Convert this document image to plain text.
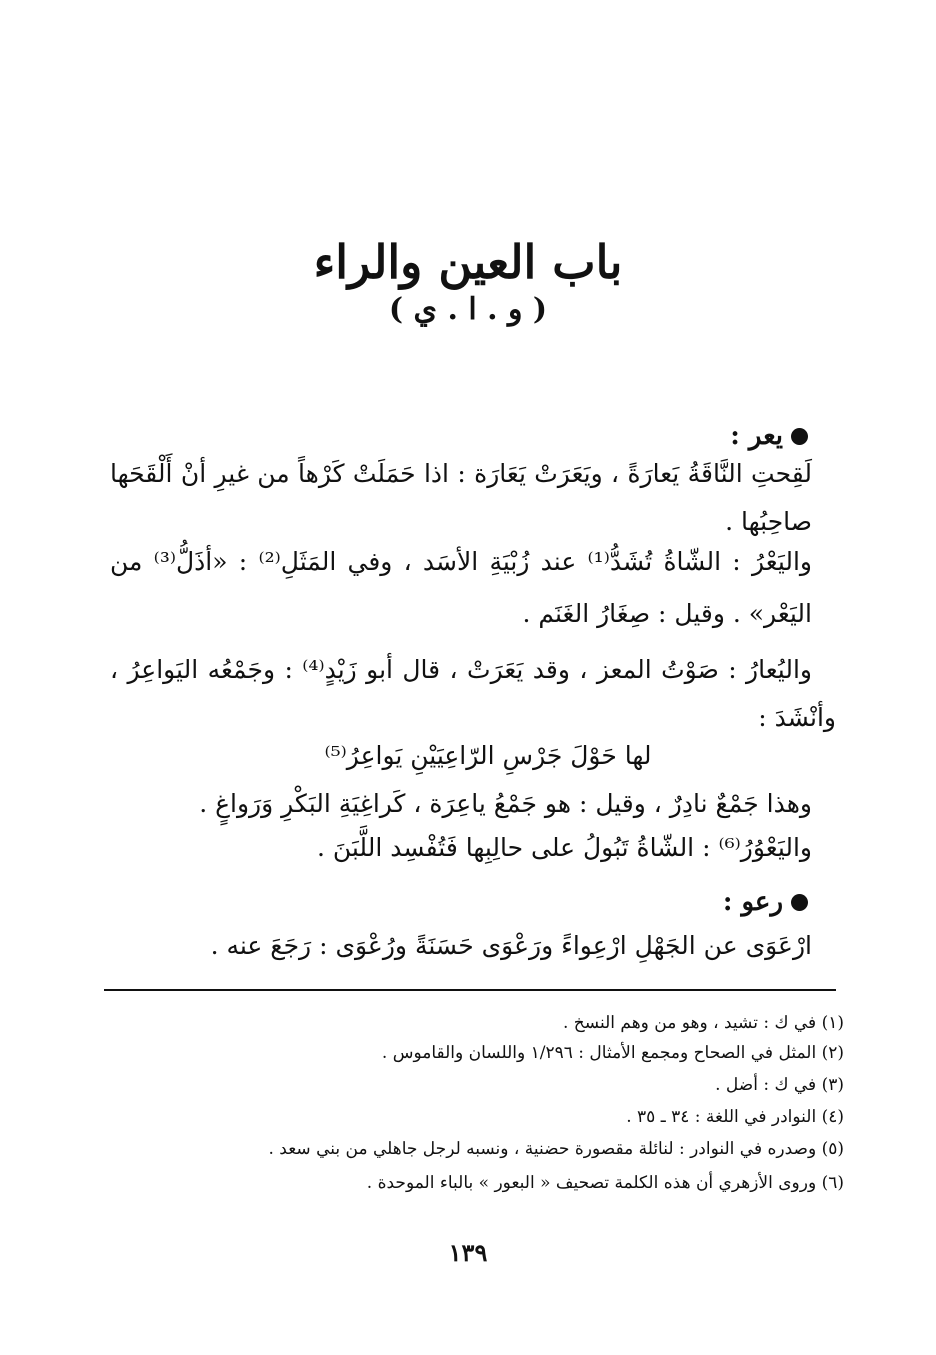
باب العين والراء
( و . ا . ي )
يعر :
لَقِحتِ النَّاقَةُ يَعارَةً ، ويَعَرَتْ يَعَارَة : اذا حَمَلَتْ كَرْهاً من غيرِ أنْ أَلْقَحَها
صاحِبُها .
واليَعْرُ : الشّاةُ تُشَدُّ⁽¹⁾ عند زُبْيَةِ الأسَد ، وفي المَثَلِ⁽²⁾ : «أذَلُّ⁽³⁾ من
اليَعْر» . وقيل : صِغَارُ الغَنَم .
واليُعارُ : صَوْتُ المعز ، وقد يَعَرَتْ ، قال أبو زَيْدٍ⁽⁴⁾ : وجَمْعُه اليَواعِرُ ،
وأنْشَدَ :
لها حَوْلَ جَرْسِ الرّاعِيَيْنِ يَواعِرُ⁽⁵⁾
وهذا جَمْعٌ نادِرٌ ، وقيل : هو جَمْعُ ياعِرَة ، كَراغِيَةِ البَكْرِ وَرَواغٍ .
واليَعْوُرُ⁽⁶⁾ : الشّاةُ تَبُولُ على حالِبِها فَتُفْسِد اللَّبَنَ .
رعو :
ارْعَوَى عن الجَهْلِ ارْعِواءً ورَعْوَى حَسَنَةً ورُعْوَى : رَجَعَ عنه .
(١) في ك : تشيد ، وهو من وهم النسخ .
(٢) المثل في الصحاح ومجمع الأمثال : ١/٢٩٦ واللسان والقاموس .
(٣) في ك : أضل .
(٤) النوادر في اللغة : ٣٤ ـ ٣٥ .
(٥) وصدره في النوادر : لنائلة مقصورة حضنية ، ونسبه لرجل جاهلي من بني سعد .
(٦) وروى الأزهري أن هذه الكلمة تصحيف « البعور » بالباء الموحدة .
١٣٩
